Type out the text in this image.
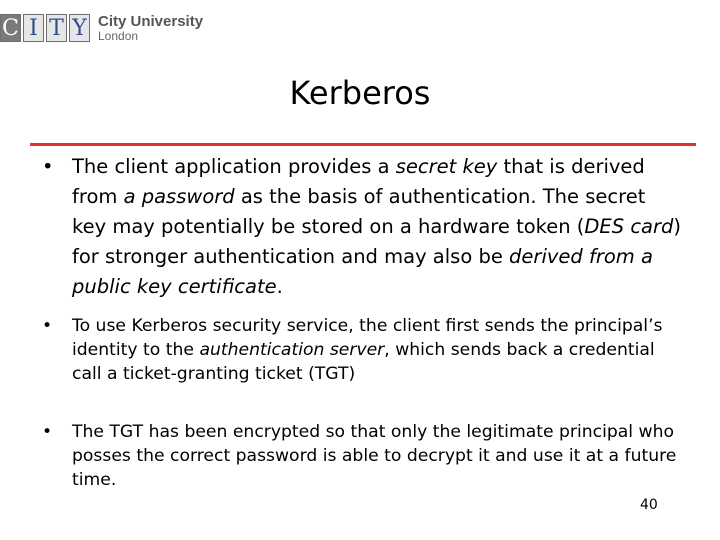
C I T Y City University
London
Kerberos
• The client application provides a secret key that is derived from a password as the basis of authentication. The secret key may potentially be stored on a hardware token (DES card) for stronger authentication and may also be derived from a public key certificate.
• To use Kerberos security service, the client first sends the principal’s identity to the authentication server, which sends back a credential call a ticket-granting ticket (TGT)
• The TGT has been encrypted so that only the legitimate principal who posses the correct password is able to decrypt it and use it at a future time.
40
